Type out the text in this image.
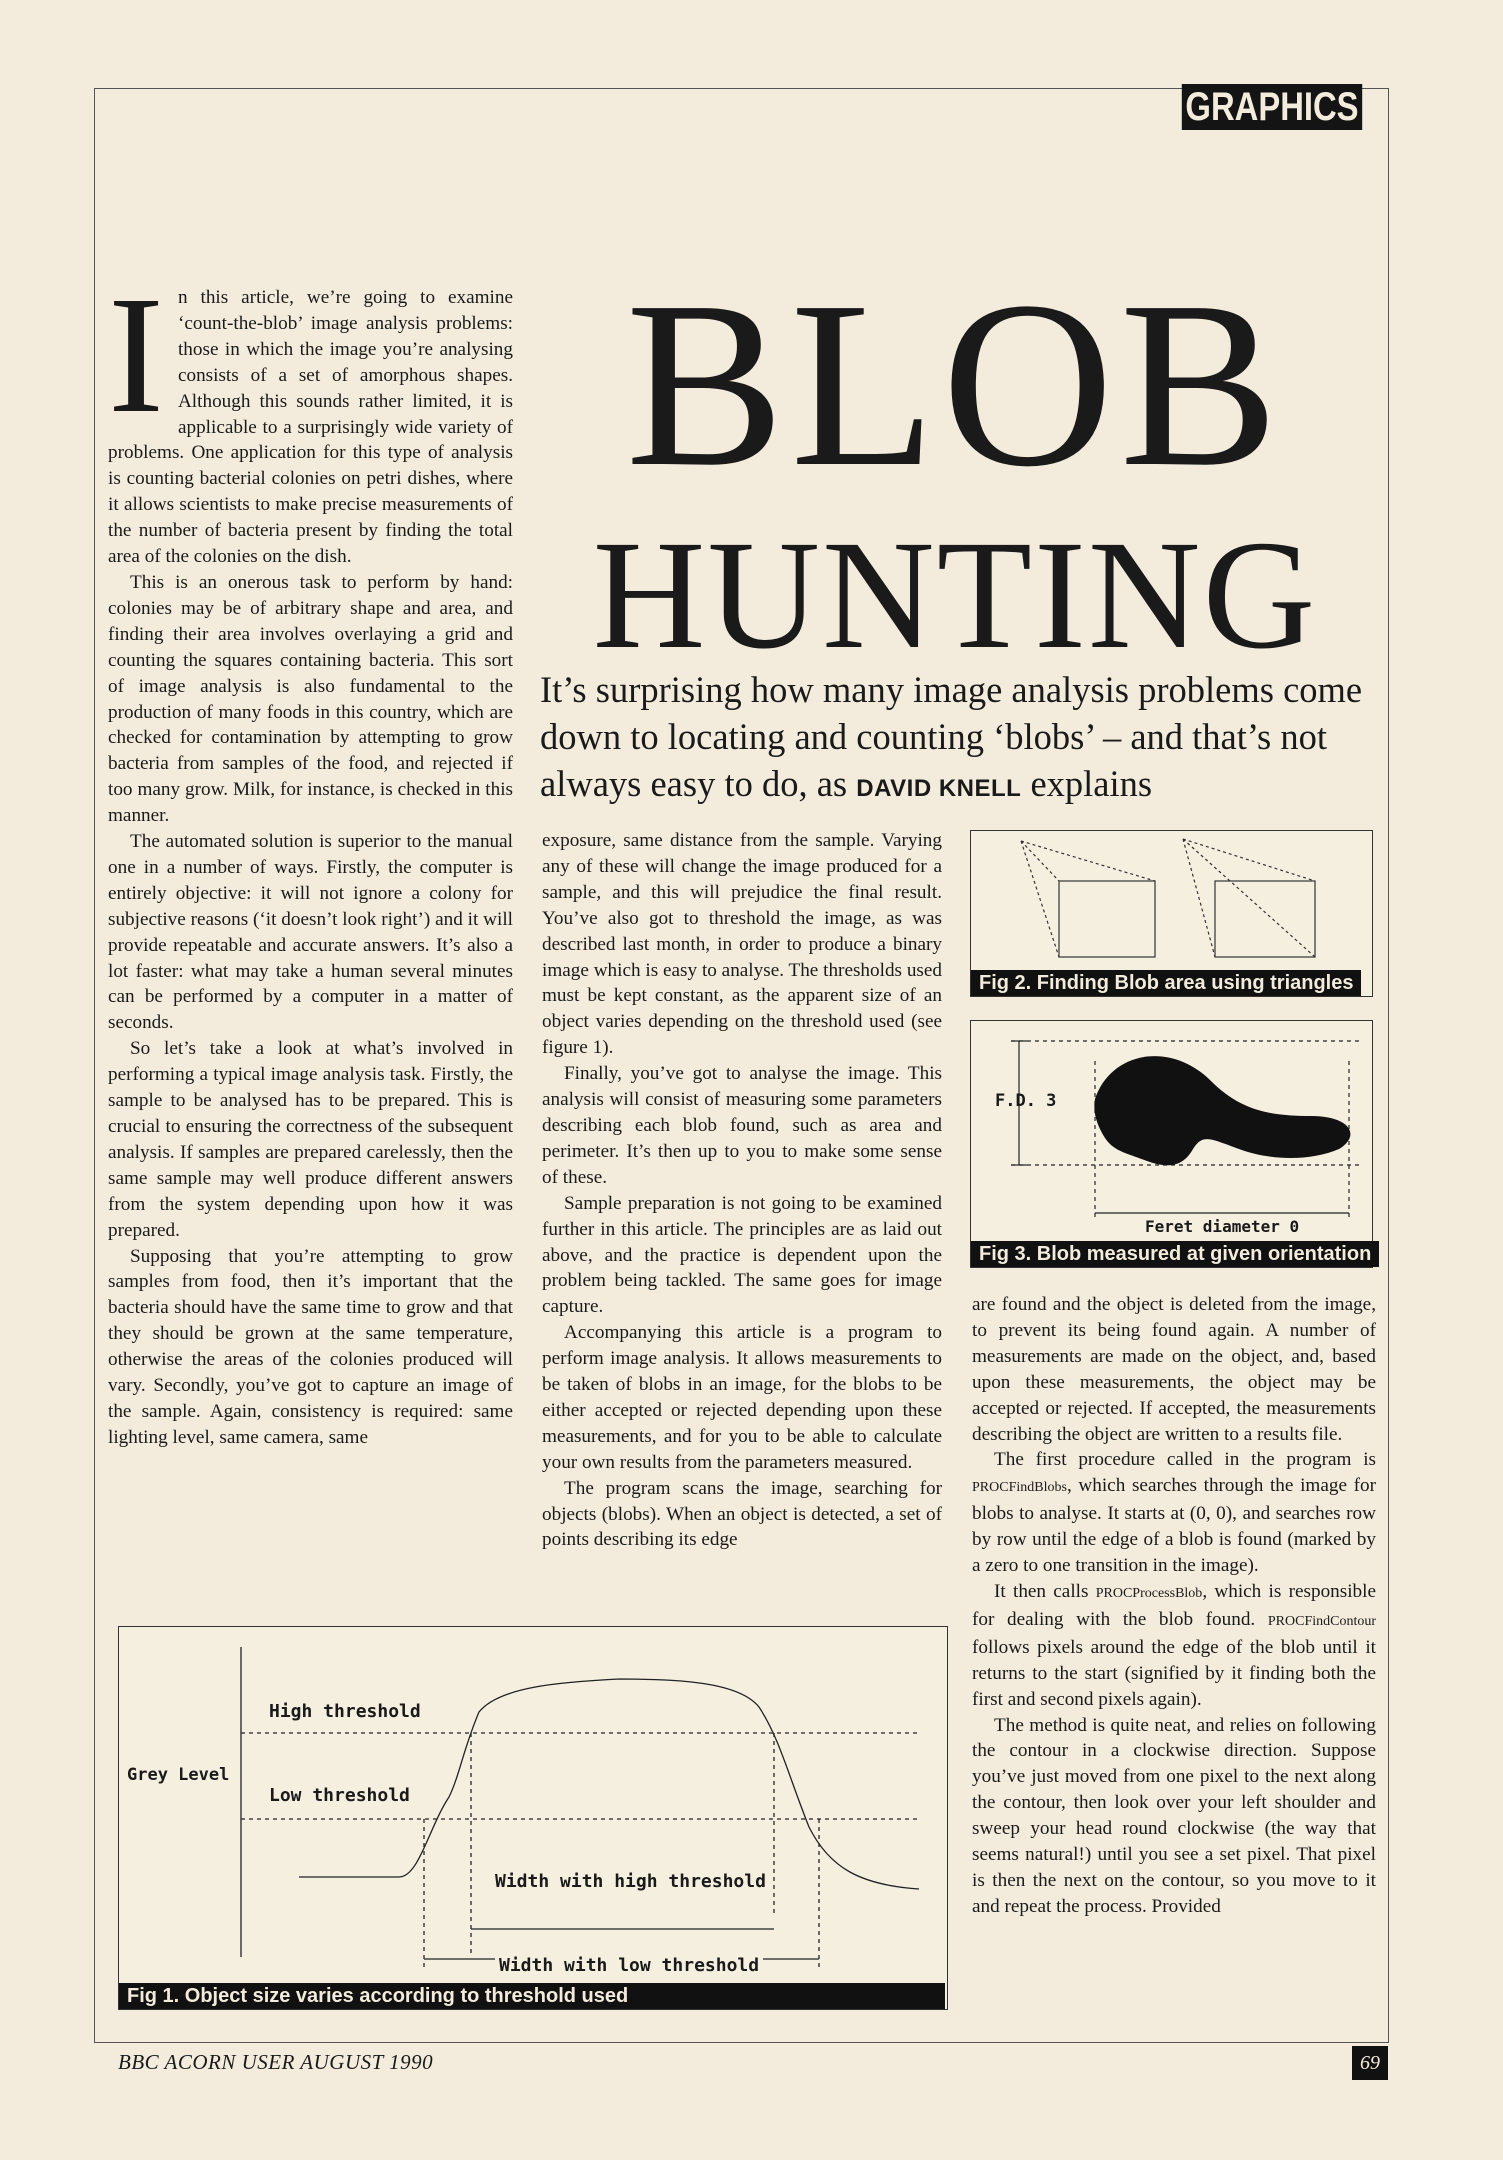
GRAPHICS
BLOB
HUNTING
It’s surprising how many image analysis problems come down to locating and counting ‘blobs’ – and that’s not always easy to do, as DAVID KNELL explains

In this article, we’re going to examine ‘count-the-blob’ image analysis problems: those in which the image you’re analysing consists of a set of amorphous shapes. Although this sounds rather limited, it is applicable to a surprisingly wide variety of problems. One application for this type of analysis is counting bacterial colonies on petri dishes, where it allows scientists to make precise measurements of the number of bacteria present by finding the total area of the colonies on the dish.

This is an onerous task to perform by hand: colonies may be of arbitrary shape and area, and finding their area involves overlaying a grid and counting the squares containing bacteria. This sort of image analysis is also fundamental to the production of many foods in this country, which are checked for contamination by attempting to grow bacteria from samples of the food, and rejected if too many grow. Milk, for instance, is checked in this manner.

The automated solution is superior to the manual one in a number of ways. Firstly, the computer is entirely objective: it will not ignore a colony for subjective reasons (‘it doesn’t look right’) and it will provide repeatable and accurate answers. It’s also a lot faster: what may take a human several minutes can be performed by a computer in a matter of seconds.

So let’s take a look at what’s involved in performing a typical image analysis task. Firstly, the sample to be analysed has to be prepared. This is crucial to ensuring the correctness of the subsequent analysis. If samples are prepared carelessly, then the same sample may well produce different answers from the system depending upon how it was prepared.

Supposing that you’re attempting to grow samples from food, then it’s important that the bacteria should have the same time to grow and that they should be grown at the same temperature, otherwise the areas of the colonies produced will vary. Secondly, you’ve got to capture an image of the sample. Again, consistency is required: same lighting level, same camera, same

exposure, same distance from the sample. Varying any of these will change the image produced for a sample, and this will prejudice the final result. You’ve also got to threshold the image, as was described last month, in order to produce a binary image which is easy to analyse. The thresholds used must be kept constant, as the apparent size of an object varies depending on the threshold used (see figure 1).

Finally, you’ve got to analyse the image. This analysis will consist of measuring some parameters describing each blob found, such as area and perimeter. It’s then up to you to make some sense of these.

Sample preparation is not going to be examined further in this article. The principles are as laid out above, and the practice is dependent upon the problem being tackled. The same goes for image capture.

Accompanying this article is a program to perform image analysis. It allows measurements to be taken of blobs in an image, for the blobs to be either accepted or rejected depending upon these measurements, and for you to be able to calculate your own results from the parameters measured.

The program scans the image, searching for objects (blobs). When an object is detected, a set of points describing its edge

are found and the object is deleted from the image, to prevent its being found again. A number of measurements are made on the object, and, based upon these measurements, the object may be accepted or rejected. If accepted, the measurements describing the object are written to a results file.

The first procedure called in the program is PROCFindBlobs, which searches through the image for blobs to analyse. It starts at (0, 0), and searches row by row until the edge of a blob is found (marked by a zero to one transition in the image).

It then calls PROCProcessBlob, which is responsible for dealing with the blob found. PROCFindContour follows pixels around the edge of the blob until it returns to the start (signified by it finding both the first and second pixels again).

The method is quite neat, and relies on following the contour in a clockwise direction. Suppose you’ve just moved from one pixel to the next along the contour, then look over your left shoulder and sweep your head round clockwise (the way that seems natural!) until you see a set pixel. That pixel is then the next on the contour, so you move to it and repeat the process. Provided

Fig 2. Finding Blob area using triangles
F.D. 3
Feret diameter 0
Fig 3. Blob measured at given orientation
Grey Level
High threshold
Low threshold
Width with high threshold
Width with low threshold
Fig 1. Object size varies according to threshold used
BBC ACORN USER AUGUST 1990	69
